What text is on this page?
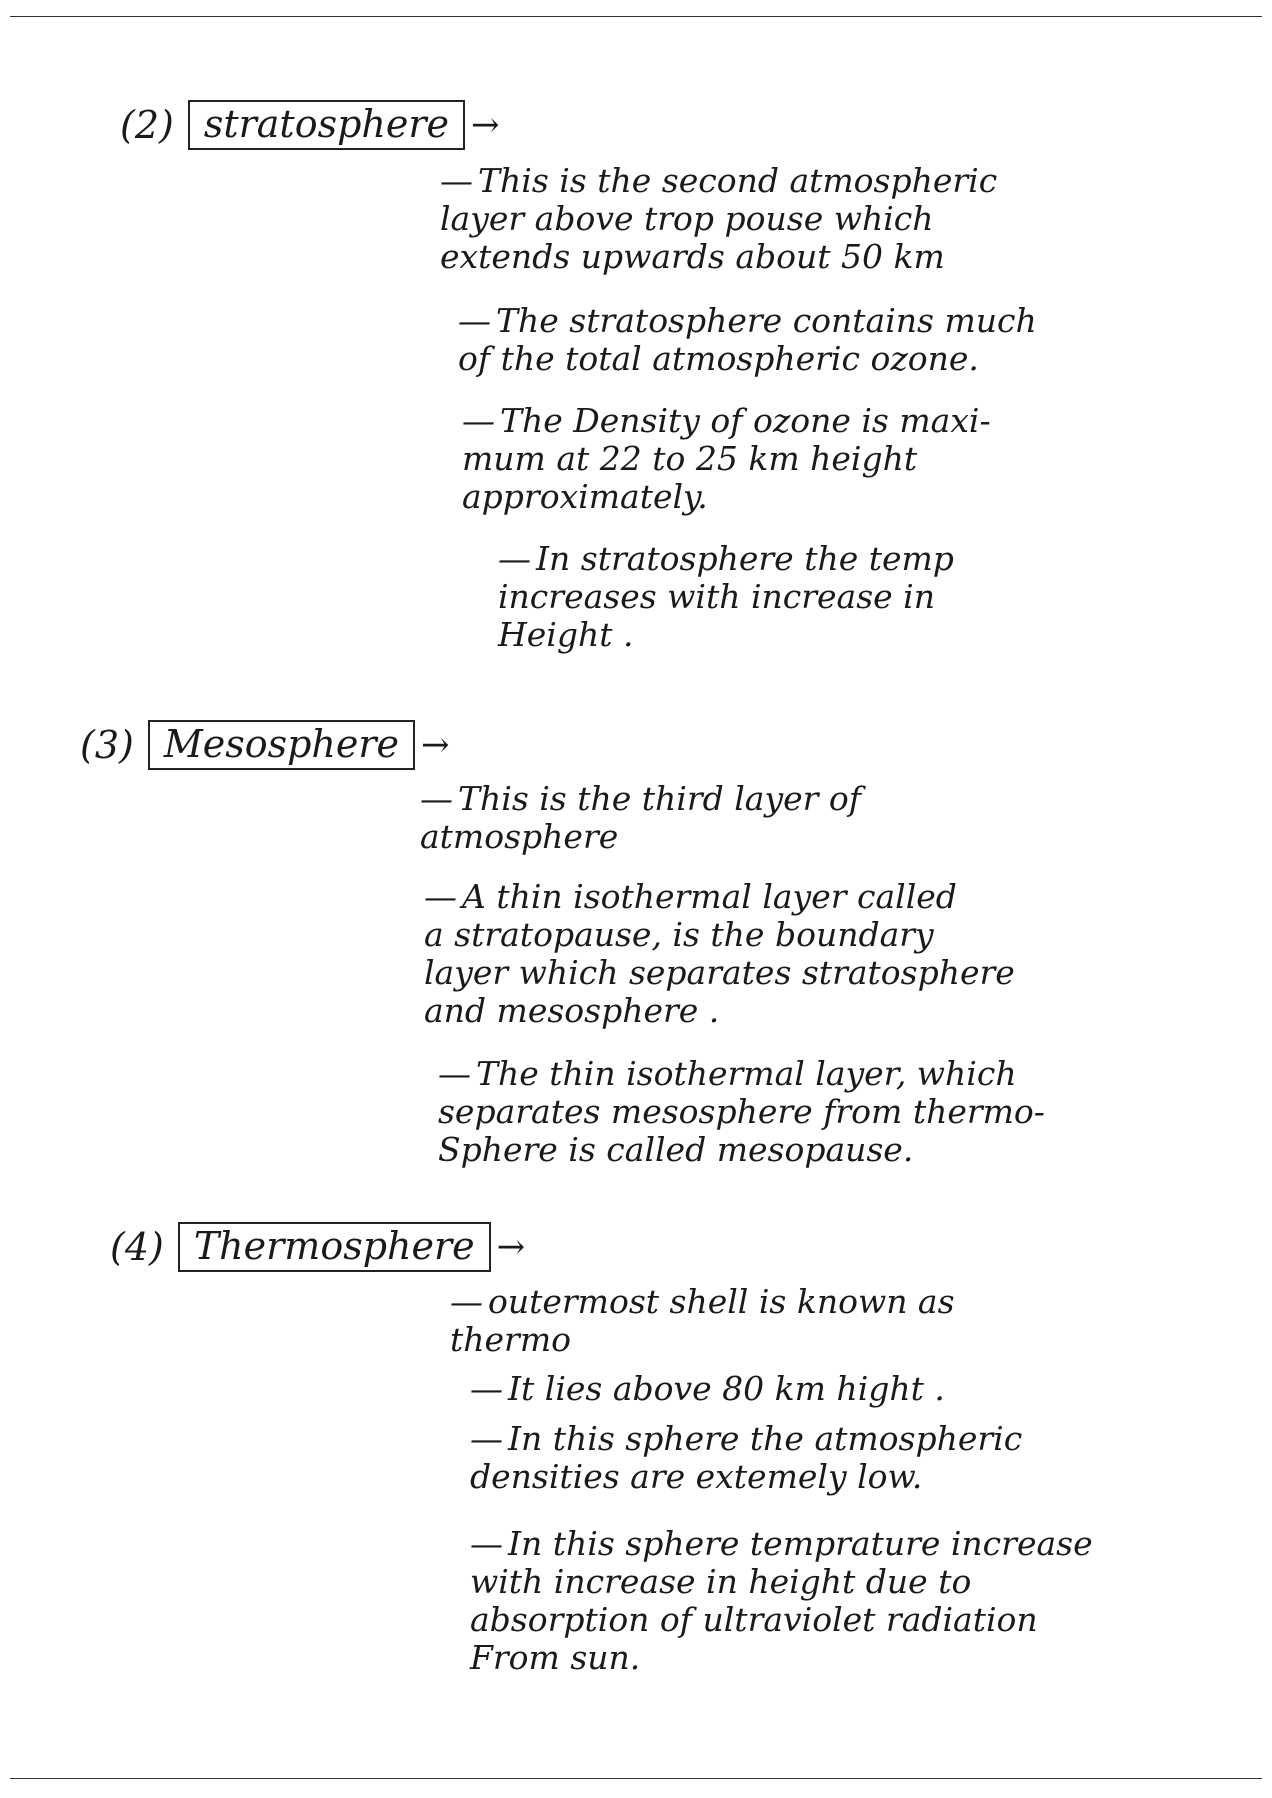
(2) stratosphere →
— This is the second atmospheric
layer above trop pouse which
extends upwards about 50 km
— The stratosphere contains much
of the total atmospheric ozone.
— The Density of ozone is maxi-
mum at 22 to 25 km height
approximately.
— In stratosphere the temp
increases with increase in
Height .
(3) Mesosphere →
— This is the third layer of
atmosphere
— A thin isothermal layer called
a stratopause, is the boundary
layer which separates stratosphere
and mesosphere .
— The thin isothermal layer, which
separates mesosphere from thermo-
Sphere is called mesopause.
(4) Thermosphere →
— outermost shell is known as
thermo
— It lies above 80 km hight .
— In this sphere the atmospheric
densities are extemely low.
— In this sphere temprature increase
with increase in height due to
absorption of ultraviolet radiation
From sun.
